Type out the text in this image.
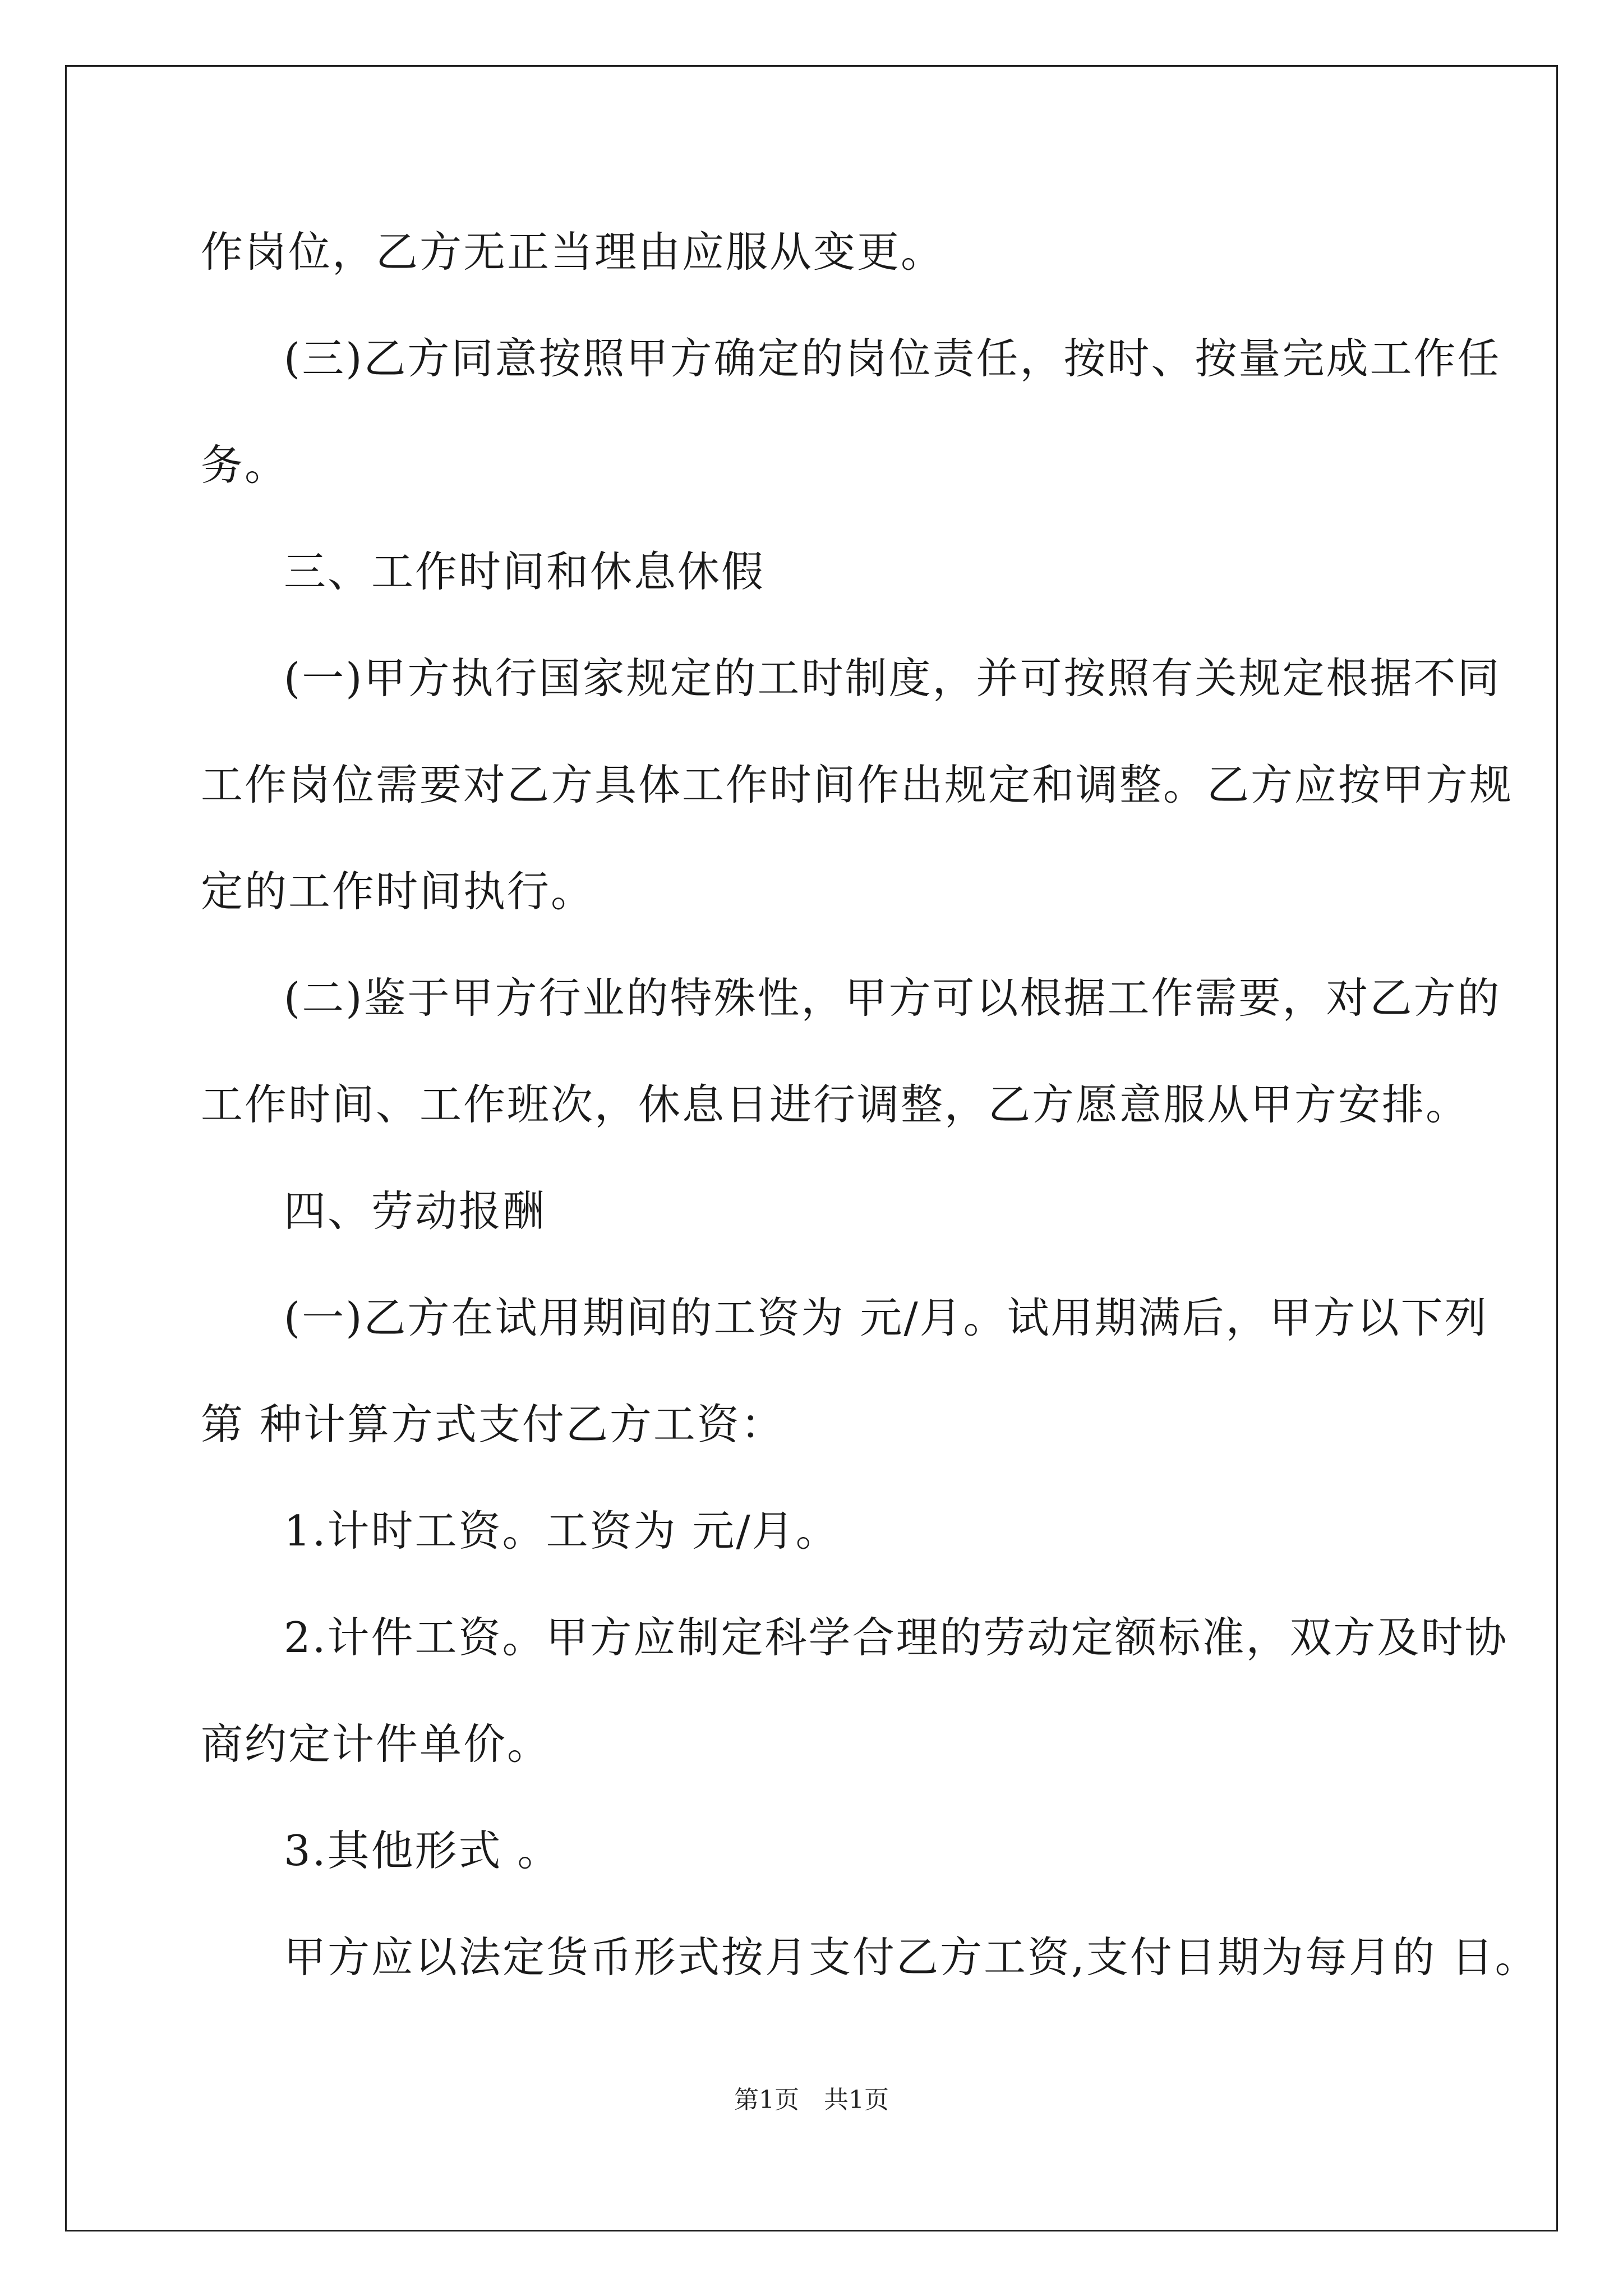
作岗位，乙方无正当理由应服从变更。
(三)乙方同意按照甲方确定的岗位责任，按时、按量完成工作任
务。
三、工作时间和休息休假
(一)甲方执行国家规定的工时制度，并可按照有关规定根据不同
工作岗位需要对乙方具体工作时间作出规定和调整。乙方应按甲方规
定的工作时间执行。
(二)鉴于甲方行业的特殊性，甲方可以根据工作需要，对乙方的
工作时间、工作班次，休息日进行调整，乙方愿意服从甲方安排。
四、劳动报酬
(一)乙方在试用期间的工资为 元/月。试用期满后，甲方以下列
第 种计算方式支付乙方工资：
1.计时工资。工资为 元/月。
2.计件工资。甲方应制定科学合理的劳动定额标准，双方及时协
商约定计件单价。
3.其他形式 。
甲方应以法定货币形式按月支付乙方工资,支付日期为每月的 日。
第1页　共1页
